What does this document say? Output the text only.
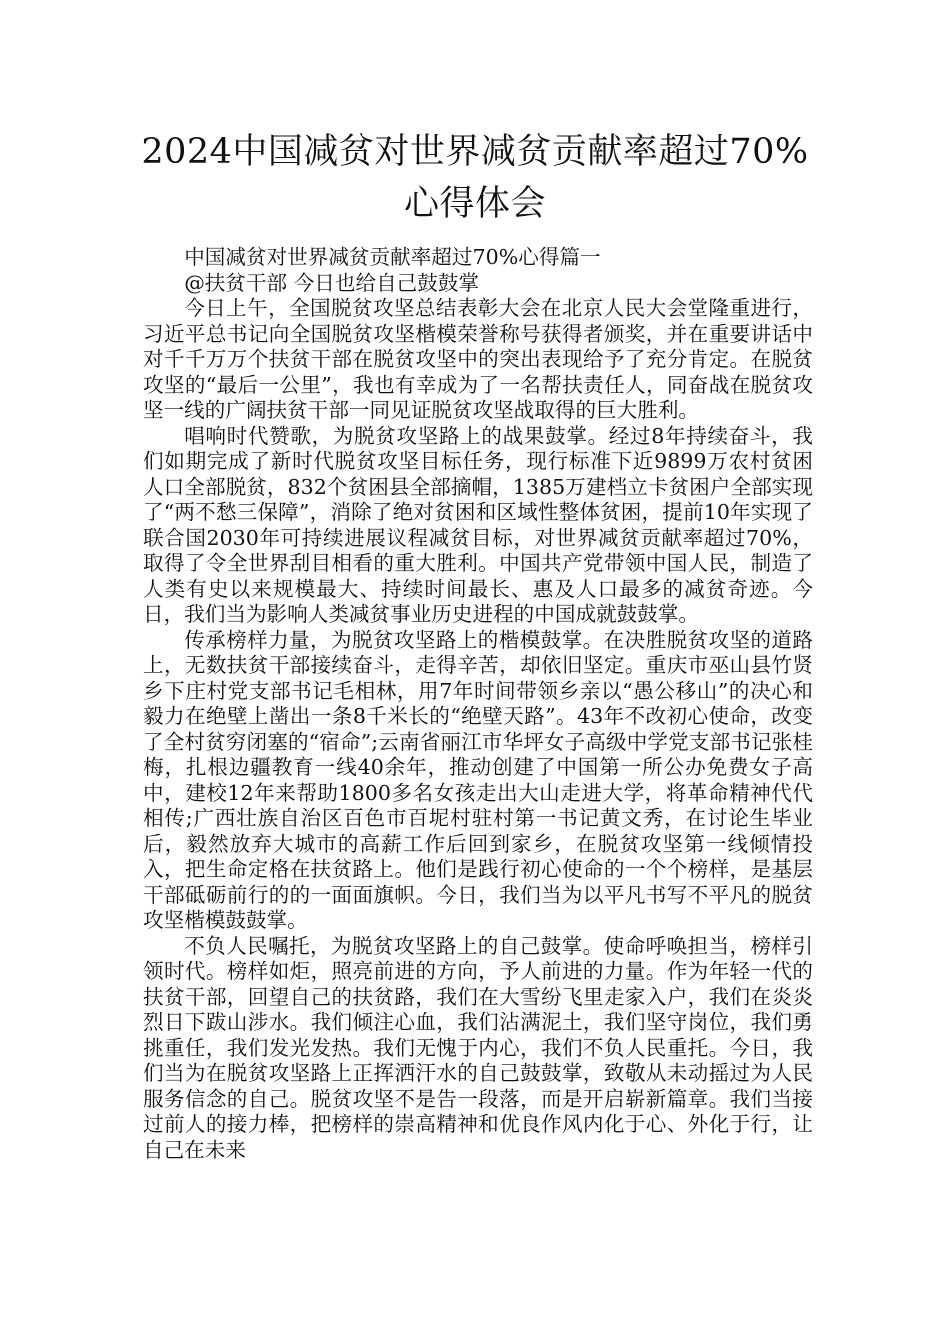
2024中国减贫对世界减贫贡献率超过70%
心得体会

中国减贫对世界减贫贡献率超过70%心得篇一

@扶贫干部 今日也给自己鼓鼓掌

今日上午，全国脱贫攻坚总结表彰大会在北京人民大会堂隆重进行，习近平总书记向全国脱贫攻坚楷模荣誉称号获得者颁奖，并在重要讲话中对千千万万个扶贫干部在脱贫攻坚中的突出表现给予了充分肯定。在脱贫攻坚的“最后一公里”，我也有幸成为了一名帮扶责任人，同奋战在脱贫攻坚一线的广阔扶贫干部一同见证脱贫攻坚战取得的巨大胜利。

唱响时代赞歌，为脱贫攻坚路上的战果鼓掌。经过8年持续奋斗，我们如期完成了新时代脱贫攻坚目标任务，现行标准下近9899万农村贫困人口全部脱贫，832个贫困县全部摘帽，1385万建档立卡贫困户全部实现了“两不愁三保障”，消除了绝对贫困和区域性整体贫困，提前10年实现了联合国2030年可持续进展议程减贫目标，对世界减贫贡献率超过70%，取得了令全世界刮目相看的重大胜利。中国共产党带领中国人民，制造了人类有史以来规模最大、持续时间最长、惠及人口最多的减贫奇迹。今日，我们当为影响人类减贫事业历史进程的中国成就鼓鼓掌。

传承榜样力量，为脱贫攻坚路上的楷模鼓掌。在决胜脱贫攻坚的道路上，无数扶贫干部接续奋斗，走得辛苦，却依旧坚定。重庆市巫山县竹贤乡下庄村党支部书记毛相林，用7年时间带领乡亲以“愚公移山”的决心和毅力在绝壁上凿出一条8千米长的“绝壁天路”。43年不改初心使命，改变了全村贫穷闭塞的“宿命”;云南省丽江市华坪女子高级中学党支部书记张桂梅，扎根边疆教育一线40余年，推动创建了中国第一所公办免费女子高中，建校12年来帮助1800多名女孩走出大山走进大学，将革命精神代代相传;广西壮族自治区百色市百坭村驻村第一书记黄文秀，在讨论生毕业后，毅然放弃大城市的高薪工作后回到家乡，在脱贫攻坚第一线倾情投入，把生命定格在扶贫路上。他们是践行初心使命的一个个榜样，是基层干部砥砺前行的的一面面旗帜。今日，我们当为以平凡书写不平凡的脱贫攻坚楷模鼓鼓掌。

不负人民嘱托，为脱贫攻坚路上的自己鼓掌。使命呼唤担当，榜样引领时代。榜样如炬，照亮前进的方向，予人前进的力量。作为年轻一代的扶贫干部，回望自己的扶贫路，我们在大雪纷飞里走家入户，我们在炎炎烈日下跋山涉水。我们倾注心血，我们沾满泥土，我们坚守岗位，我们勇挑重任，我们发光发热。我们无愧于内心，我们不负人民重托。今日，我们当为在脱贫攻坚路上正挥洒汗水的自己鼓鼓掌，致敬从未动摇过为人民服务信念的自己。脱贫攻坚不是告一段落，而是开启崭新篇章。我们当接过前人的接力棒，把榜样的崇高精神和优良作风内化于心、外化于行，让自己在未来
